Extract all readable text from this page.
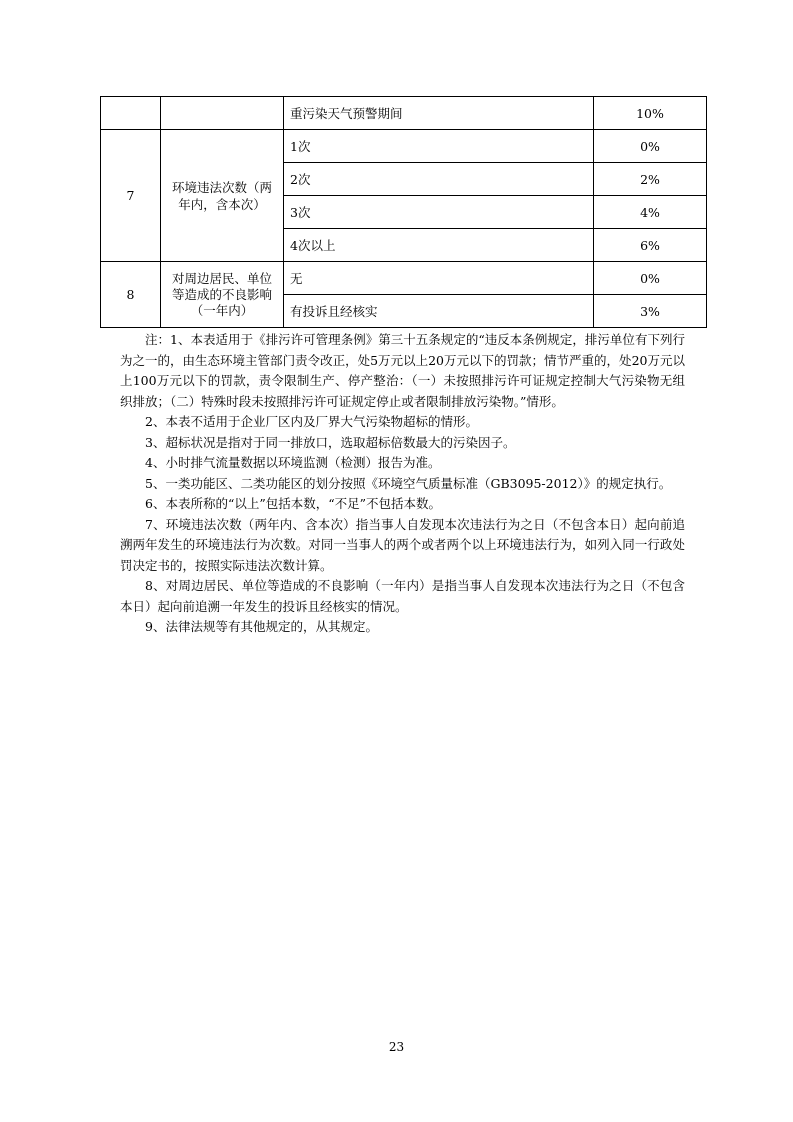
		重污染天气预警期间	10%
7	环境违法次数（两年内，含本次）	1次	0%
		2次	2%
		3次	4%
		4次以上	6%
8	对周边居民、单位等造成的不良影响（一年内）	无	0%
		有投诉且经核实	3%

注：1、本表适用于《排污许可管理条例》第三十五条规定的“违反本条例规定，排污单位有下列行为之一的，由生态环境主管部门责令改正，处5万元以上20万元以下的罚款；情节严重的，处20万元以上100万元以下的罚款，责令限制生产、停产整治：（一）未按照排污许可证规定控制大气污染物无组织排放；（二）特殊时段未按照排污许可证规定停止或者限制排放污染物。”情形。

2、本表不适用于企业厂区内及厂界大气污染物超标的情形。

3、超标状况是指对于同一排放口，选取超标倍数最大的污染因子。

4、小时排气流量数据以环境监测（检测）报告为准。

5、一类功能区、二类功能区的划分按照《环境空气质量标准（GB3095-2012）》的规定执行。

6、本表所称的“以上”包括本数，“不足”不包括本数。

7、环境违法次数（两年内、含本次）指当事人自发现本次违法行为之日（不包含本日）起向前追溯两年发生的环境违法行为次数。对同一当事人的两个或者两个以上环境违法行为，如列入同一行政处罚决定书的，按照实际违法次数计算。

8、对周边居民、单位等造成的不良影响（一年内）是指当事人自发现本次违法行为之日（不包含本日）起向前追溯一年发生的投诉且经核实的情况。

9、法律法规等有其他规定的，从其规定。

23
